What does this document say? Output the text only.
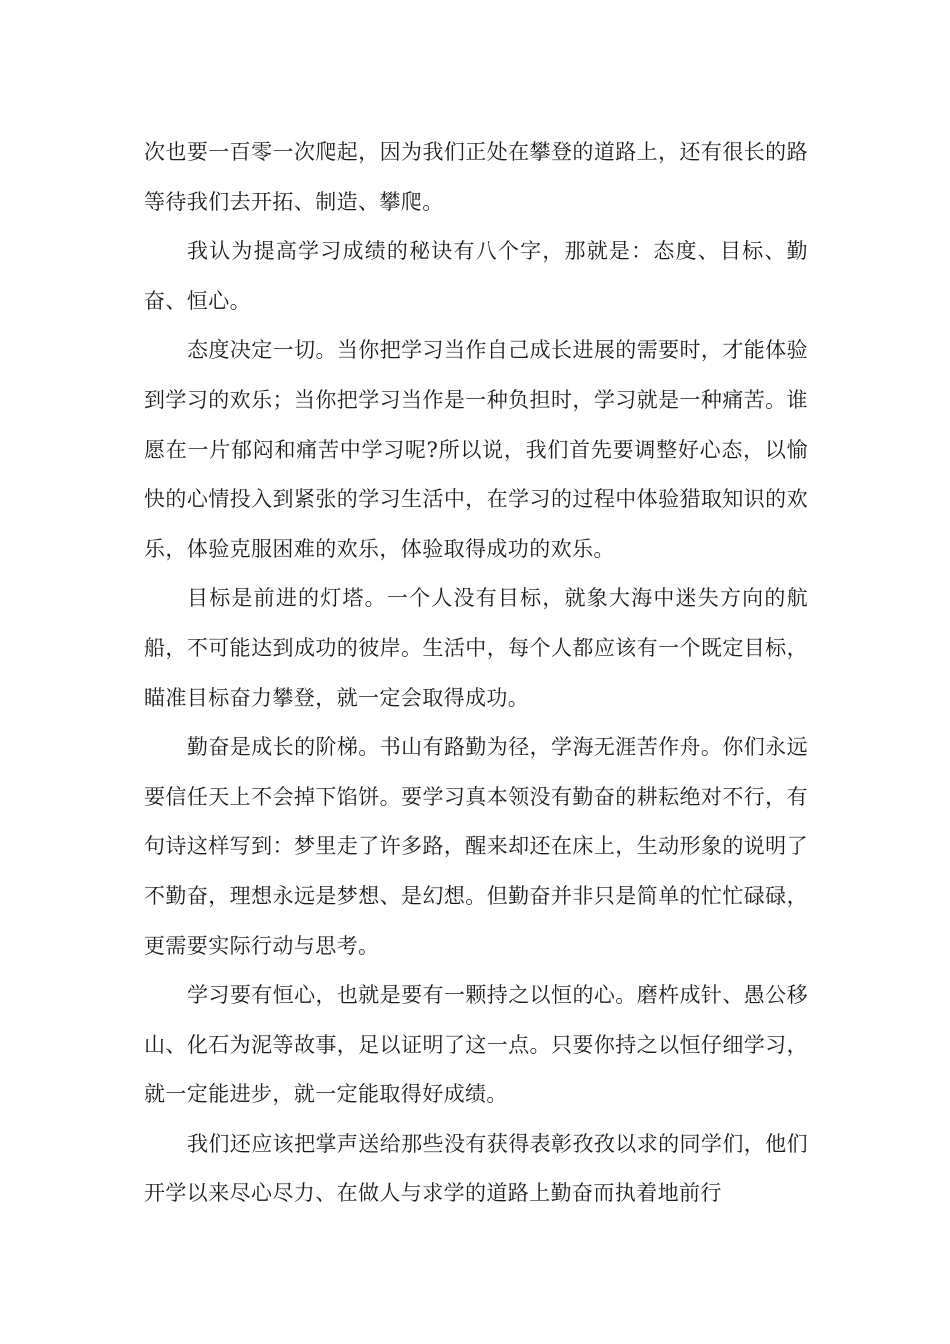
次也要一百零一次爬起，因为我们正处在攀登的道路上，还有很长的路等待我们去开拓、制造、攀爬。

我认为提高学习成绩的秘诀有八个字，那就是：态度、目标、勤奋、恒心。

态度决定一切。当你把学习当作自己成长进展的需要时，才能体验到学习的欢乐；当你把学习当作是一种负担时，学习就是一种痛苦。谁愿在一片郁闷和痛苦中学习呢?所以说，我们首先要调整好心态，以愉快的心情投入到紧张的学习生活中，在学习的过程中体验猎取知识的欢乐，体验克服困难的欢乐，体验取得成功的欢乐。

目标是前进的灯塔。一个人没有目标，就象大海中迷失方向的航船，不可能达到成功的彼岸。生活中，每个人都应该有一个既定目标，瞄准目标奋力攀登，就一定会取得成功。

勤奋是成长的阶梯。书山有路勤为径，学海无涯苦作舟。你们永远要信任天上不会掉下馅饼。要学习真本领没有勤奋的耕耘绝对不行，有句诗这样写到：梦里走了许多路，醒来却还在床上，生动形象的说明了不勤奋，理想永远是梦想、是幻想。但勤奋并非只是简单的忙忙碌碌，更需要实际行动与思考。

学习要有恒心，也就是要有一颗持之以恒的心。磨杵成针、愚公移山、化石为泥等故事，足以证明了这一点。只要你持之以恒仔细学习，就一定能进步，就一定能取得好成绩。

我们还应该把掌声送给那些没有获得表彰孜孜以求的同学们，他们开学以来尽心尽力、在做人与求学的道路上勤奋而执着地前行
